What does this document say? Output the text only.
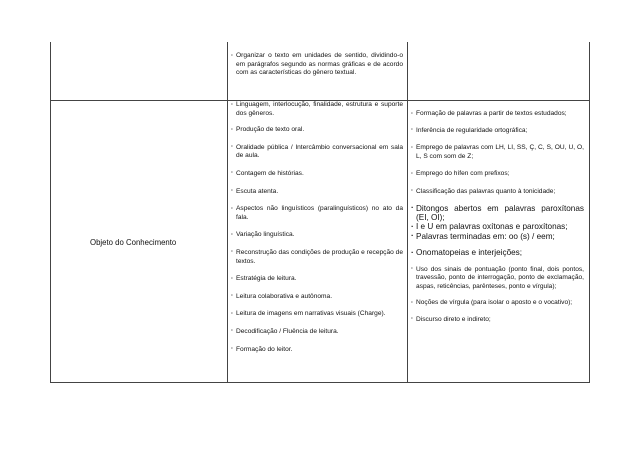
· Organizar o texto em unidades de sentido, dividindo-o em parágrafos segundo as normas gráficas e de acordo com as características do gênero textual.

Objeto do Conhecimento

· Linguagem, interlocução, finalidade, estrutura e suporte dos gêneros.

· Produção de texto oral.

· Oralidade pública / Intercâmbio conversacional em sala de aula.

· Contagem de histórias.

· Escuta atenta.

· Aspectos não linguísticos (paralinguísticos) no ato da fala.

· Variação linguística.

· Reconstrução das condições de produção e recepção de textos.

· Estratégia de leitura.

· Leitura colaborativa e autônoma.

· Leitura de imagens em narrativas visuais (Charge).

· Decodificação / Fluência de leitura.

· Formação do leitor.

· Formação de palavras a partir de textos estudados;

· Inferência de regularidade ortográfica;

· Emprego de palavras com LH, LI, SS, Ç, C, S, OU, U, O, L, S com som de Z;

· Emprego do hífen com prefixos;

· Classificação das palavras quanto à tonicidade;

· Ditongos abertos em palavras paroxítonas (EI, OI);

· I e U em palavras oxítonas e paroxítonas;

· Palavras terminadas em: oo (s) / eem;

· Onomatopeias e interjeições;

· Uso dos sinais de pontuação (ponto final, dois pontos, travessão, ponto de interrogação, ponto de exclamação, aspas, reticências, parênteses, ponto e vírgula);

· Noções de vírgula (para isolar o aposto e o vocativo);

· Discurso direto e indireto;
